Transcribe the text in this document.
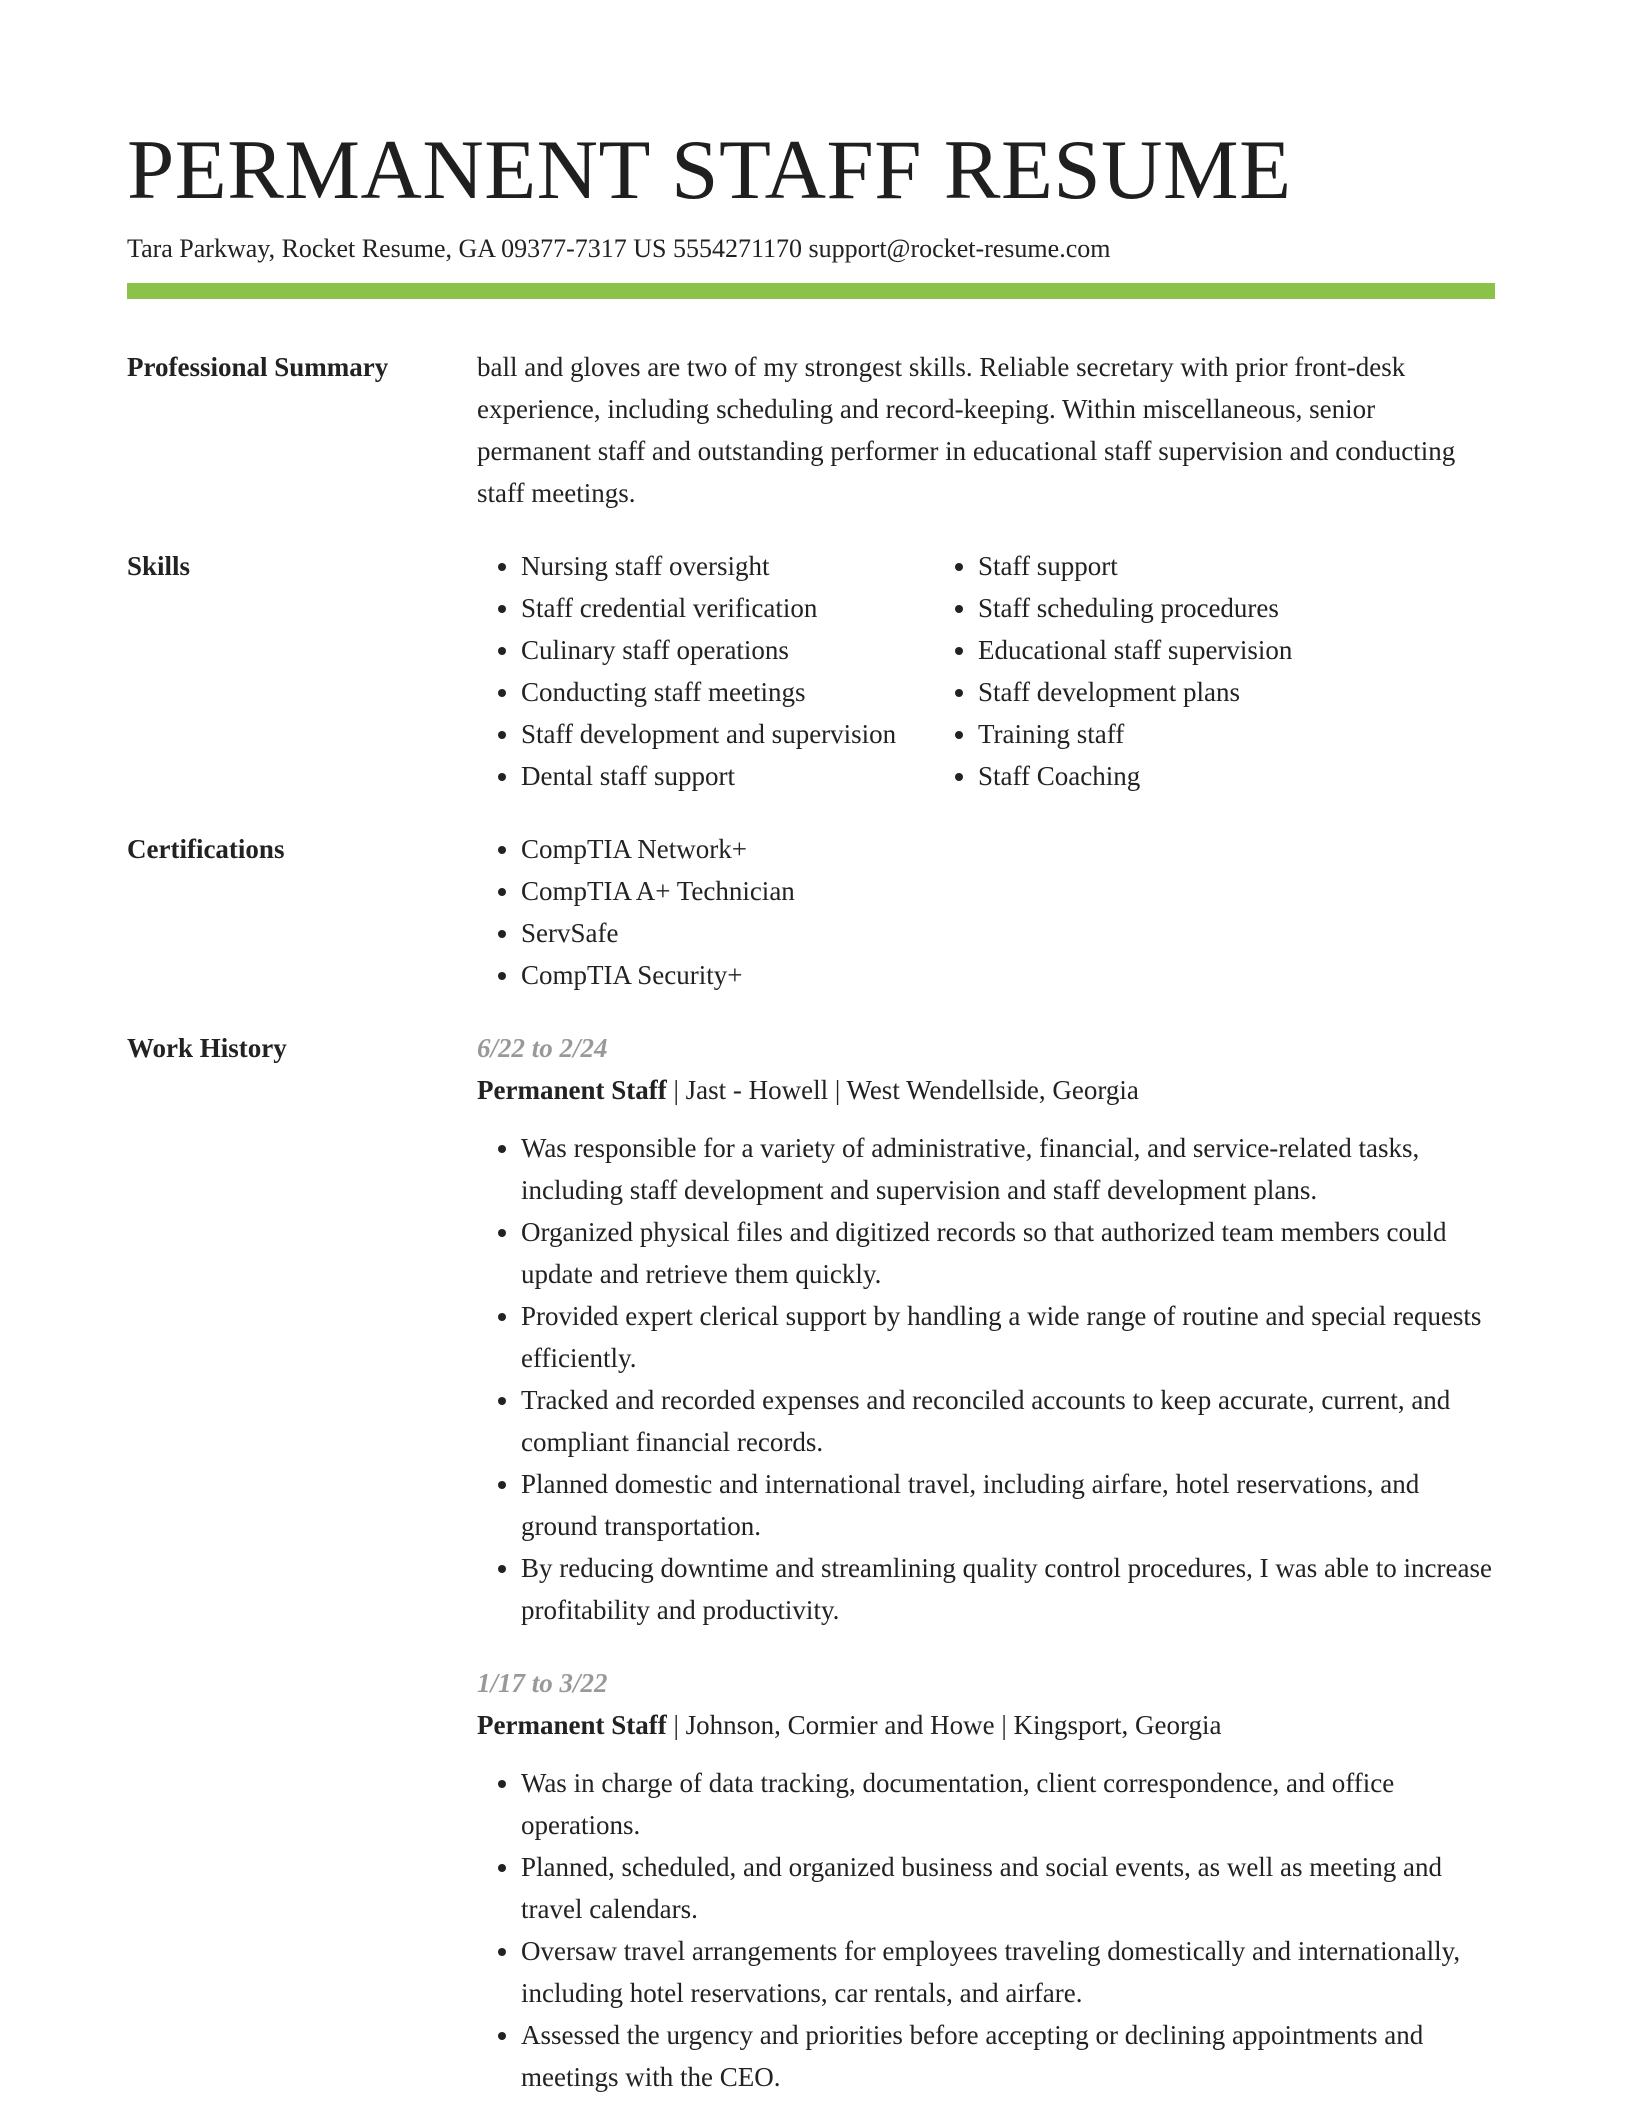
PERMANENT STAFF RESUME
Tara Parkway, Rocket Resume, GA 09377-7317 US 5554271170 support@rocket-resume.com
Professional Summary	ball and gloves are two of my strongest skills. Reliable secretary with prior front-desk experience, including scheduling and record-keeping. Within miscellaneous, senior permanent staff and outstanding performer in educational staff supervision and conducting staff meetings.
Skills	• Nursing staff oversight
• Staff credential verification
• Culinary staff operations
• Conducting staff meetings
• Staff development and supervision
• Dental staff support
• Staff support
• Staff scheduling procedures
• Educational staff supervision
• Staff development plans
• Training staff
• Staff Coaching
Certifications	• CompTIA Network+
• CompTIA A+ Technician
• ServSafe
• CompTIA Security+
Work History	6/22 to 2/24
Permanent Staff | Jast - Howell | West Wendellside, Georgia
• Was responsible for a variety of administrative, financial, and service-related tasks, including staff development and supervision and staff development plans.
• Organized physical files and digitized records so that authorized team members could update and retrieve them quickly.
• Provided expert clerical support by handling a wide range of routine and special requests efficiently.
• Tracked and recorded expenses and reconciled accounts to keep accurate, current, and compliant financial records.
• Planned domestic and international travel, including airfare, hotel reservations, and ground transportation.
• By reducing downtime and streamlining quality control procedures, I was able to increase profitability and productivity.
1/17 to 3/22
Permanent Staff | Johnson, Cormier and Howe | Kingsport, Georgia
• Was in charge of data tracking, documentation, client correspondence, and office operations.
• Planned, scheduled, and organized business and social events, as well as meeting and travel calendars.
• Oversaw travel arrangements for employees traveling domestically and internationally, including hotel reservations, car rentals, and airfare.
• Assessed the urgency and priorities before accepting or declining appointments and meetings with the CEO.
